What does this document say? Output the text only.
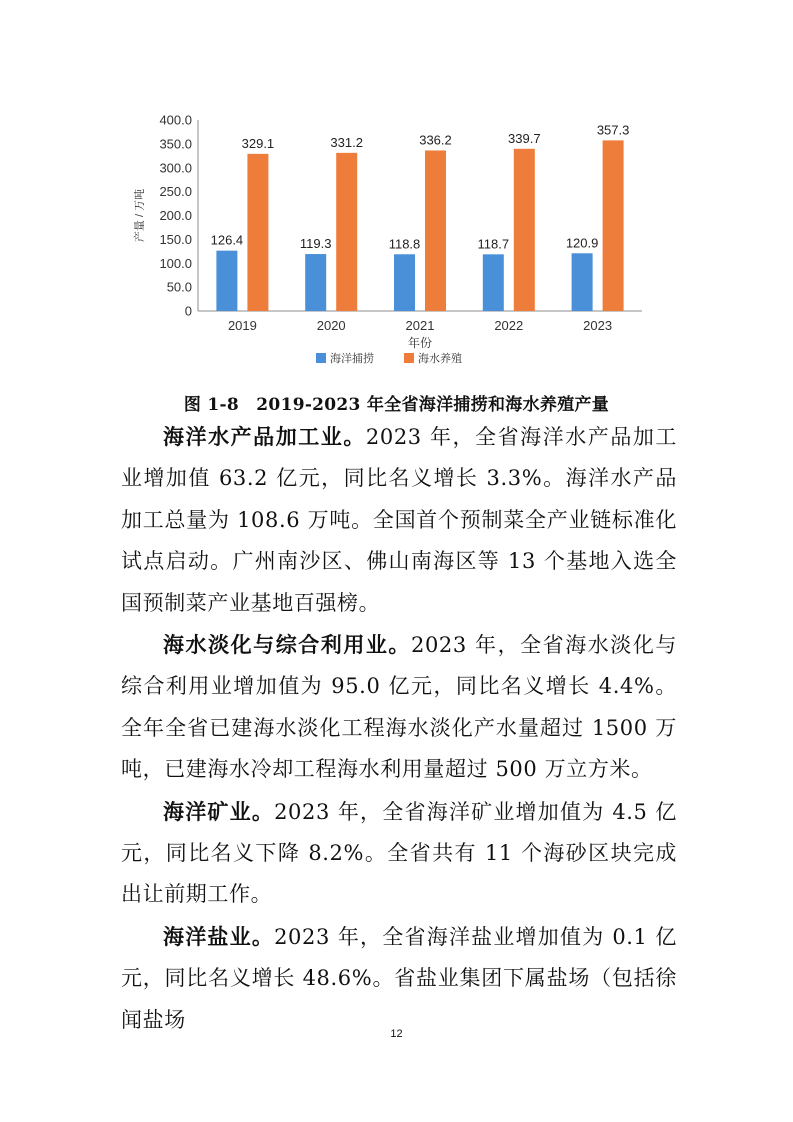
0
50.0
100.0
150.0
200.0
250.0
300.0
350.0
400.0
2019
126.4
329.1
2020
119.3
331.2
2021
118.8
336.2
2022
118.7
339.7
2023
120.9
357.3
产量 / 万吨
年份
海洋捕捞	海水养殖
图 1-8　2019-2023 年全省海洋捕捞和海水养殖产量

海洋水产品加工业。2023 年，全省海洋水产品加工业增加值 63.2 亿元，同比名义增长 3.3%。海洋水产品加工总量为 108.6 万吨。全国首个预制菜全产业链标准化试点启动。广州南沙区、佛山南海区等 13 个基地入选全国预制菜产业基地百强榜。

海水淡化与综合利用业。2023 年，全省海水淡化与综合利用业增加值为 95.0 亿元，同比名义增长 4.4%。全年全省已建海水淡化工程海水淡化产水量超过 1500 万吨，已建海水冷却工程海水利用量超过 500 万立方米。

海洋矿业。2023 年，全省海洋矿业增加值为 4.5 亿元，同比名义下降 8.2%。全省共有 11 个海砂区块完成出让前期工作。

海洋盐业。2023 年，全省海洋盐业增加值为 0.1 亿元，同比名义增长 48.6%。省盐业集团下属盐场（包括徐闻盐场

12
